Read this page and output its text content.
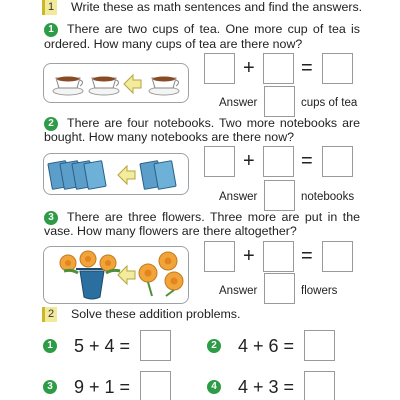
1 Write these as math sentences and find the answers.
1	There are two cups of tea. One more cup of tea is
ordered. How many cups of tea are there now?
+ =
Answer	cups of tea
2	There are four notebooks. Two more notebooks are
bought. How many notebooks are there now?
+ =
Answer	notebooks
3	There are three flowers. Three more are put in the
vase. How many flowers are there altogether?
+ =
Answer	flowers
2 Solve these addition problems.
1 5 + 4 =	2 4 + 6 =
3 9 + 1 =	4 4 + 3 =
